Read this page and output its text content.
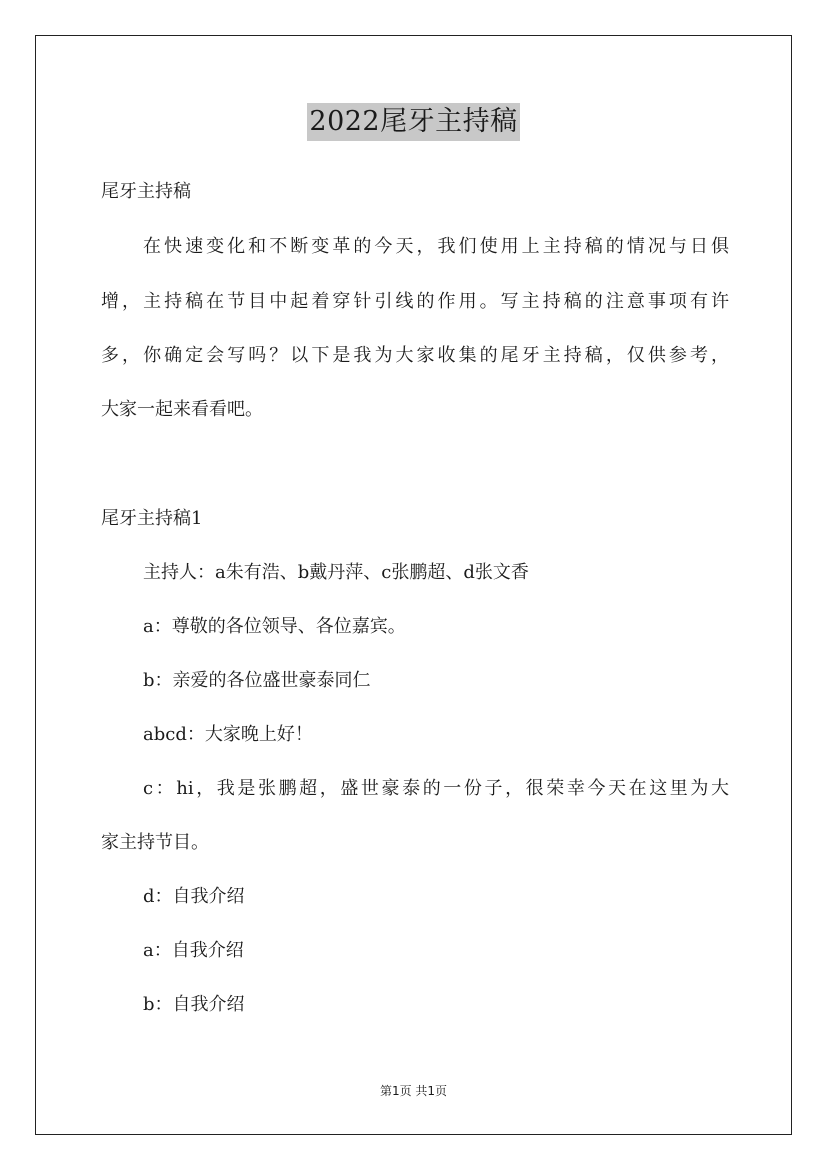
2022尾牙主持稿
尾牙主持稿
在快速变化和不断变革的今天，我们使用上主持稿的情况与日俱
增，主持稿在节目中起着穿针引线的作用。写主持稿的注意事项有许
多，你确定会写吗？以下是我为大家收集的尾牙主持稿，仅供参考，
大家一起来看看吧。
尾牙主持稿1
主持人：a朱有浩、b戴丹萍、c张鹏超、d张文香
a：尊敬的各位领导、各位嘉宾。
b：亲爱的各位盛世豪泰同仁
abcd：大家晚上好！
c：hi，我是张鹏超，盛世豪泰的一份子，很荣幸今天在这里为大
家主持节目。
d：自我介绍
a：自我介绍
b：自我介绍
第1页 共1页
